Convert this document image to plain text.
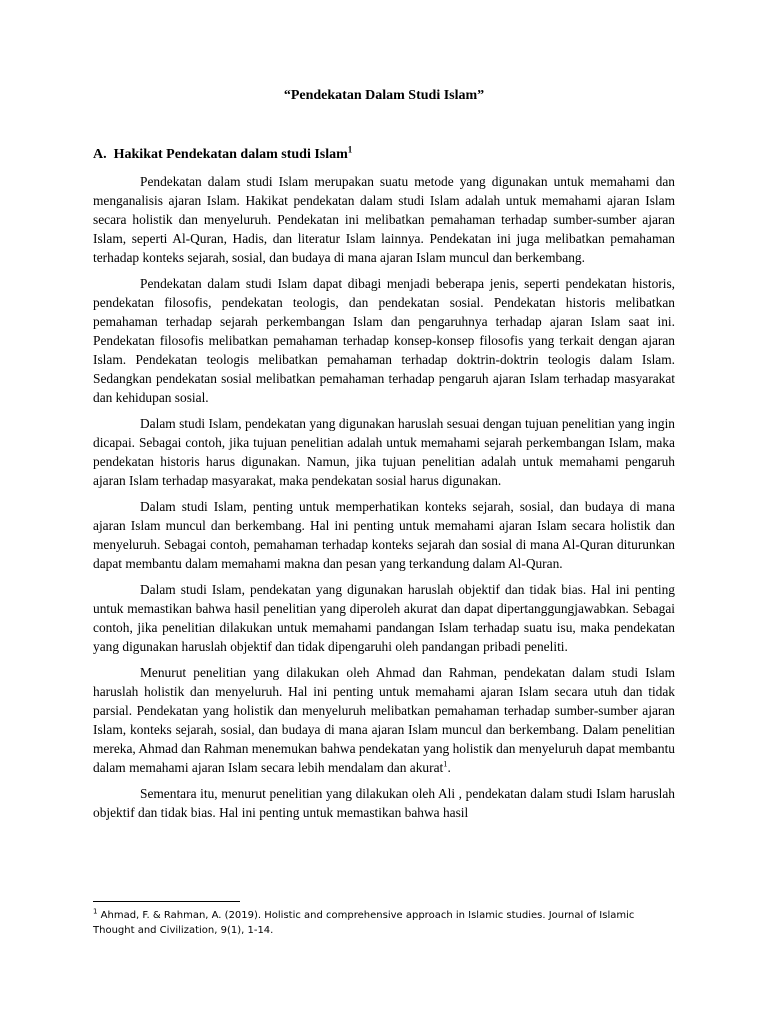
“Pendekatan Dalam Studi Islam”
A. Hakikat Pendekatan dalam studi Islam$^1$

Pendekatan dalam studi Islam merupakan suatu metode yang digunakan untuk memahami dan menganalisis ajaran Islam. Hakikat pendekatan dalam studi Islam adalah untuk memahami ajaran Islam secara holistik dan menyeluruh. Pendekatan ini melibatkan pemahaman terhadap sumber-sumber ajaran Islam, seperti Al-Quran, Hadis, dan literatur Islam lainnya. Pendekatan ini juga melibatkan pemahaman terhadap konteks sejarah, sosial, dan budaya di mana ajaran Islam muncul dan berkembang.

Pendekatan dalam studi Islam dapat dibagi menjadi beberapa jenis, seperti pendekatan historis, pendekatan filosofis, pendekatan teologis, dan pendekatan sosial. Pendekatan historis melibatkan pemahaman terhadap sejarah perkembangan Islam dan pengaruhnya terhadap ajaran Islam saat ini. Pendekatan filosofis melibatkan pemahaman terhadap konsep-konsep filosofis yang terkait dengan ajaran Islam. Pendekatan teologis melibatkan pemahaman terhadap doktrin-doktrin teologis dalam Islam. Sedangkan pendekatan sosial melibatkan pemahaman terhadap pengaruh ajaran Islam terhadap masyarakat dan kehidupan sosial.

Dalam studi Islam, pendekatan yang digunakan haruslah sesuai dengan tujuan penelitian yang ingin dicapai. Sebagai contoh, jika tujuan penelitian adalah untuk memahami sejarah perkembangan Islam, maka pendekatan historis harus digunakan. Namun, jika tujuan penelitian adalah untuk memahami pengaruh ajaran Islam terhadap masyarakat, maka pendekatan sosial harus digunakan.

Dalam studi Islam, penting untuk memperhatikan konteks sejarah, sosial, dan budaya di mana ajaran Islam muncul dan berkembang. Hal ini penting untuk memahami ajaran Islam secara holistik dan menyeluruh. Sebagai contoh, pemahaman terhadap konteks sejarah dan sosial di mana Al-Quran diturunkan dapat membantu dalam memahami makna dan pesan yang terkandung dalam Al-Quran.

Dalam studi Islam, pendekatan yang digunakan haruslah objektif dan tidak bias. Hal ini penting untuk memastikan bahwa hasil penelitian yang diperoleh akurat dan dapat dipertanggungjawabkan. Sebagai contoh, jika penelitian dilakukan untuk memahami pandangan Islam terhadap suatu isu, maka pendekatan yang digunakan haruslah objektif dan tidak dipengaruhi oleh pandangan pribadi peneliti.

Menurut penelitian yang dilakukan oleh Ahmad dan Rahman, pendekatan dalam studi Islam haruslah holistik dan menyeluruh. Hal ini penting untuk memahami ajaran Islam secara utuh dan tidak parsial. Pendekatan yang holistik dan menyeluruh melibatkan pemahaman terhadap sumber-sumber ajaran Islam, konteks sejarah, sosial, dan budaya di mana ajaran Islam muncul dan berkembang. Dalam penelitian mereka, Ahmad dan Rahman menemukan bahwa pendekatan yang holistik dan menyeluruh dapat membantu dalam memahami ajaran Islam secara lebih mendalam dan akurat$^1$.

Sementara itu, menurut penelitian yang dilakukan oleh Ali , pendekatan dalam studi Islam haruslah objektif dan tidak bias. Hal ini penting untuk memastikan bahwa hasil

$^1$ Ahmad, F. & Rahman, A. (2019). Holistic and comprehensive approach in Islamic studies. Journal of Islamic Thought and Civilization, 9(1), 1-14.
